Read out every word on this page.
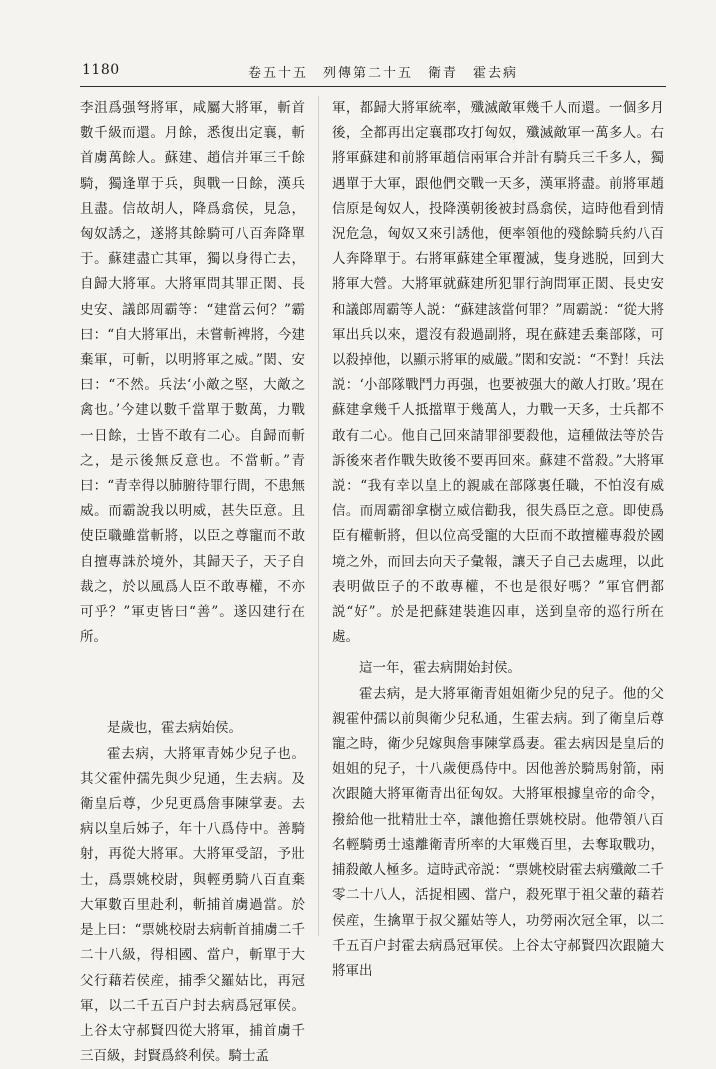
1180	卷五十五　列傳第二十五　衛青　霍去病

李沮爲强弩將軍，咸屬大將軍，斬首數千級而還。月餘，悉復出定襄，斬首虜萬餘人。蘇建、趙信并軍三千餘騎，獨逢單于兵，與戰一日餘，漢兵且盡。信故胡人，降爲翕侯，見急，匈奴誘之，遂將其餘騎可八百奔降單于。蘇建盡亡其軍，獨以身得亡去，自歸大將軍。大將軍問其罪正閎、長史安、議郎周霸等：“建當云何？”霸曰：“自大將軍出，未嘗斬裨將，今建棄軍，可斬，以明將軍之威。”閎、安曰：“不然。兵法‘小敵之堅，大敵之禽也。’今建以數千當單于數萬，力戰一日餘，士皆不敢有二心。自歸而斬之，是示後無反意也。不當斬。”青曰：“青幸得以肺腑待罪行間，不患無威。而霸說我以明威，甚失臣意。且使臣職雖當斬將，以臣之尊寵而不敢自擅專誅於境外，其歸天子，天子自裁之，於以風爲人臣不敢專權，不亦可乎？”軍吏皆曰“善”。遂囚建行在所。

是歲也，霍去病始侯。

霍去病，大將軍青姊少兒子也。其父霍仲孺先與少兒通，生去病。及衛皇后尊，少兒更爲詹事陳掌妻。去病以皇后姊子，年十八爲侍中。善騎射，再從大將軍。大將軍受詔，予壯士，爲票姚校尉，與輕勇騎八百直棄大軍數百里赴利，斬捕首虜過當。於是上曰：“票姚校尉去病斬首捕虜二千二十八級，得相國、當户，斬單于大父行藉若侯産，捕季父羅姑比，再冠軍，以二千五百户封去病爲冠軍侯。上谷太守郝賢四從大將軍，捕首虜千三百級，封賢爲終利侯。騎士孟

軍，都歸大將軍統率，殲滅敵軍幾千人而還。一個多月後，全都再出定襄郡攻打匈奴，殲滅敵軍一萬多人。右將軍蘇建和前將軍趙信兩軍合并計有騎兵三千多人，獨遇單于大軍，跟他們交戰一天多，漢軍將盡。前將軍趙信原是匈奴人，投降漢朝後被封爲翕侯，這時他看到情況危急，匈奴又來引誘他，便率領他的殘餘騎兵約八百人奔降單于。右將軍蘇建全軍覆滅，隻身逃脱，回到大將軍大營。大將軍就蘇建所犯罪行詢問軍正閎、長史安和議郎周霸等人説：“蘇建該當何罪？”周霸説：“從大將軍出兵以來，還沒有殺過副將，現在蘇建丢棄部隊，可以殺掉他，以顯示將軍的威嚴。”閎和安説：“不對！兵法説：‘小部隊戰鬥力再强，也要被强大的敵人打敗。’現在蘇建拿幾千人抵擋單于幾萬人，力戰一天多，士兵都不敢有二心。他自己回來請罪卻要殺他，這種做法等於告訴後來者作戰失敗後不要再回來。蘇建不當殺。”大將軍説：“我有幸以皇上的親戚在部隊裏任職，不怕沒有威信。而周霸卻拿樹立威信勸我，很失爲臣之意。即使爲臣有權斬將，但以位高受寵的大臣而不敢擅權專殺於國境之外，而回去向天子彙報，讓天子自己去處理，以此表明做臣子的不敢專權，不也是很好嗎？”軍官們都説“好”。於是把蘇建裝進囚車，送到皇帝的巡行所在處。

這一年，霍去病開始封侯。

霍去病，是大將軍衛青姐姐衛少兒的兒子。他的父親霍仲孺以前與衛少兒私通，生霍去病。到了衛皇后尊寵之時，衛少兒嫁與詹事陳掌爲妻。霍去病因是皇后的姐姐的兒子，十八歲便爲侍中。因他善於騎馬射箭，兩次跟隨大將軍衛青出征匈奴。大將軍根據皇帝的命令，撥給他一批精壯士卒，讓他擔任票姚校尉。他帶領八百名輕騎勇士遠離衛青所率的大軍幾百里，去奪取戰功，捕殺敵人極多。這時武帝説：“票姚校尉霍去病殲敵二千零二十八人，活捉相國、當户，殺死單于祖父輩的藉若侯産，生擒單于叔父羅姑等人，功勞兩次冠全軍，以二千五百户封霍去病爲冠軍侯。上谷太守郝賢四次跟隨大將軍出
